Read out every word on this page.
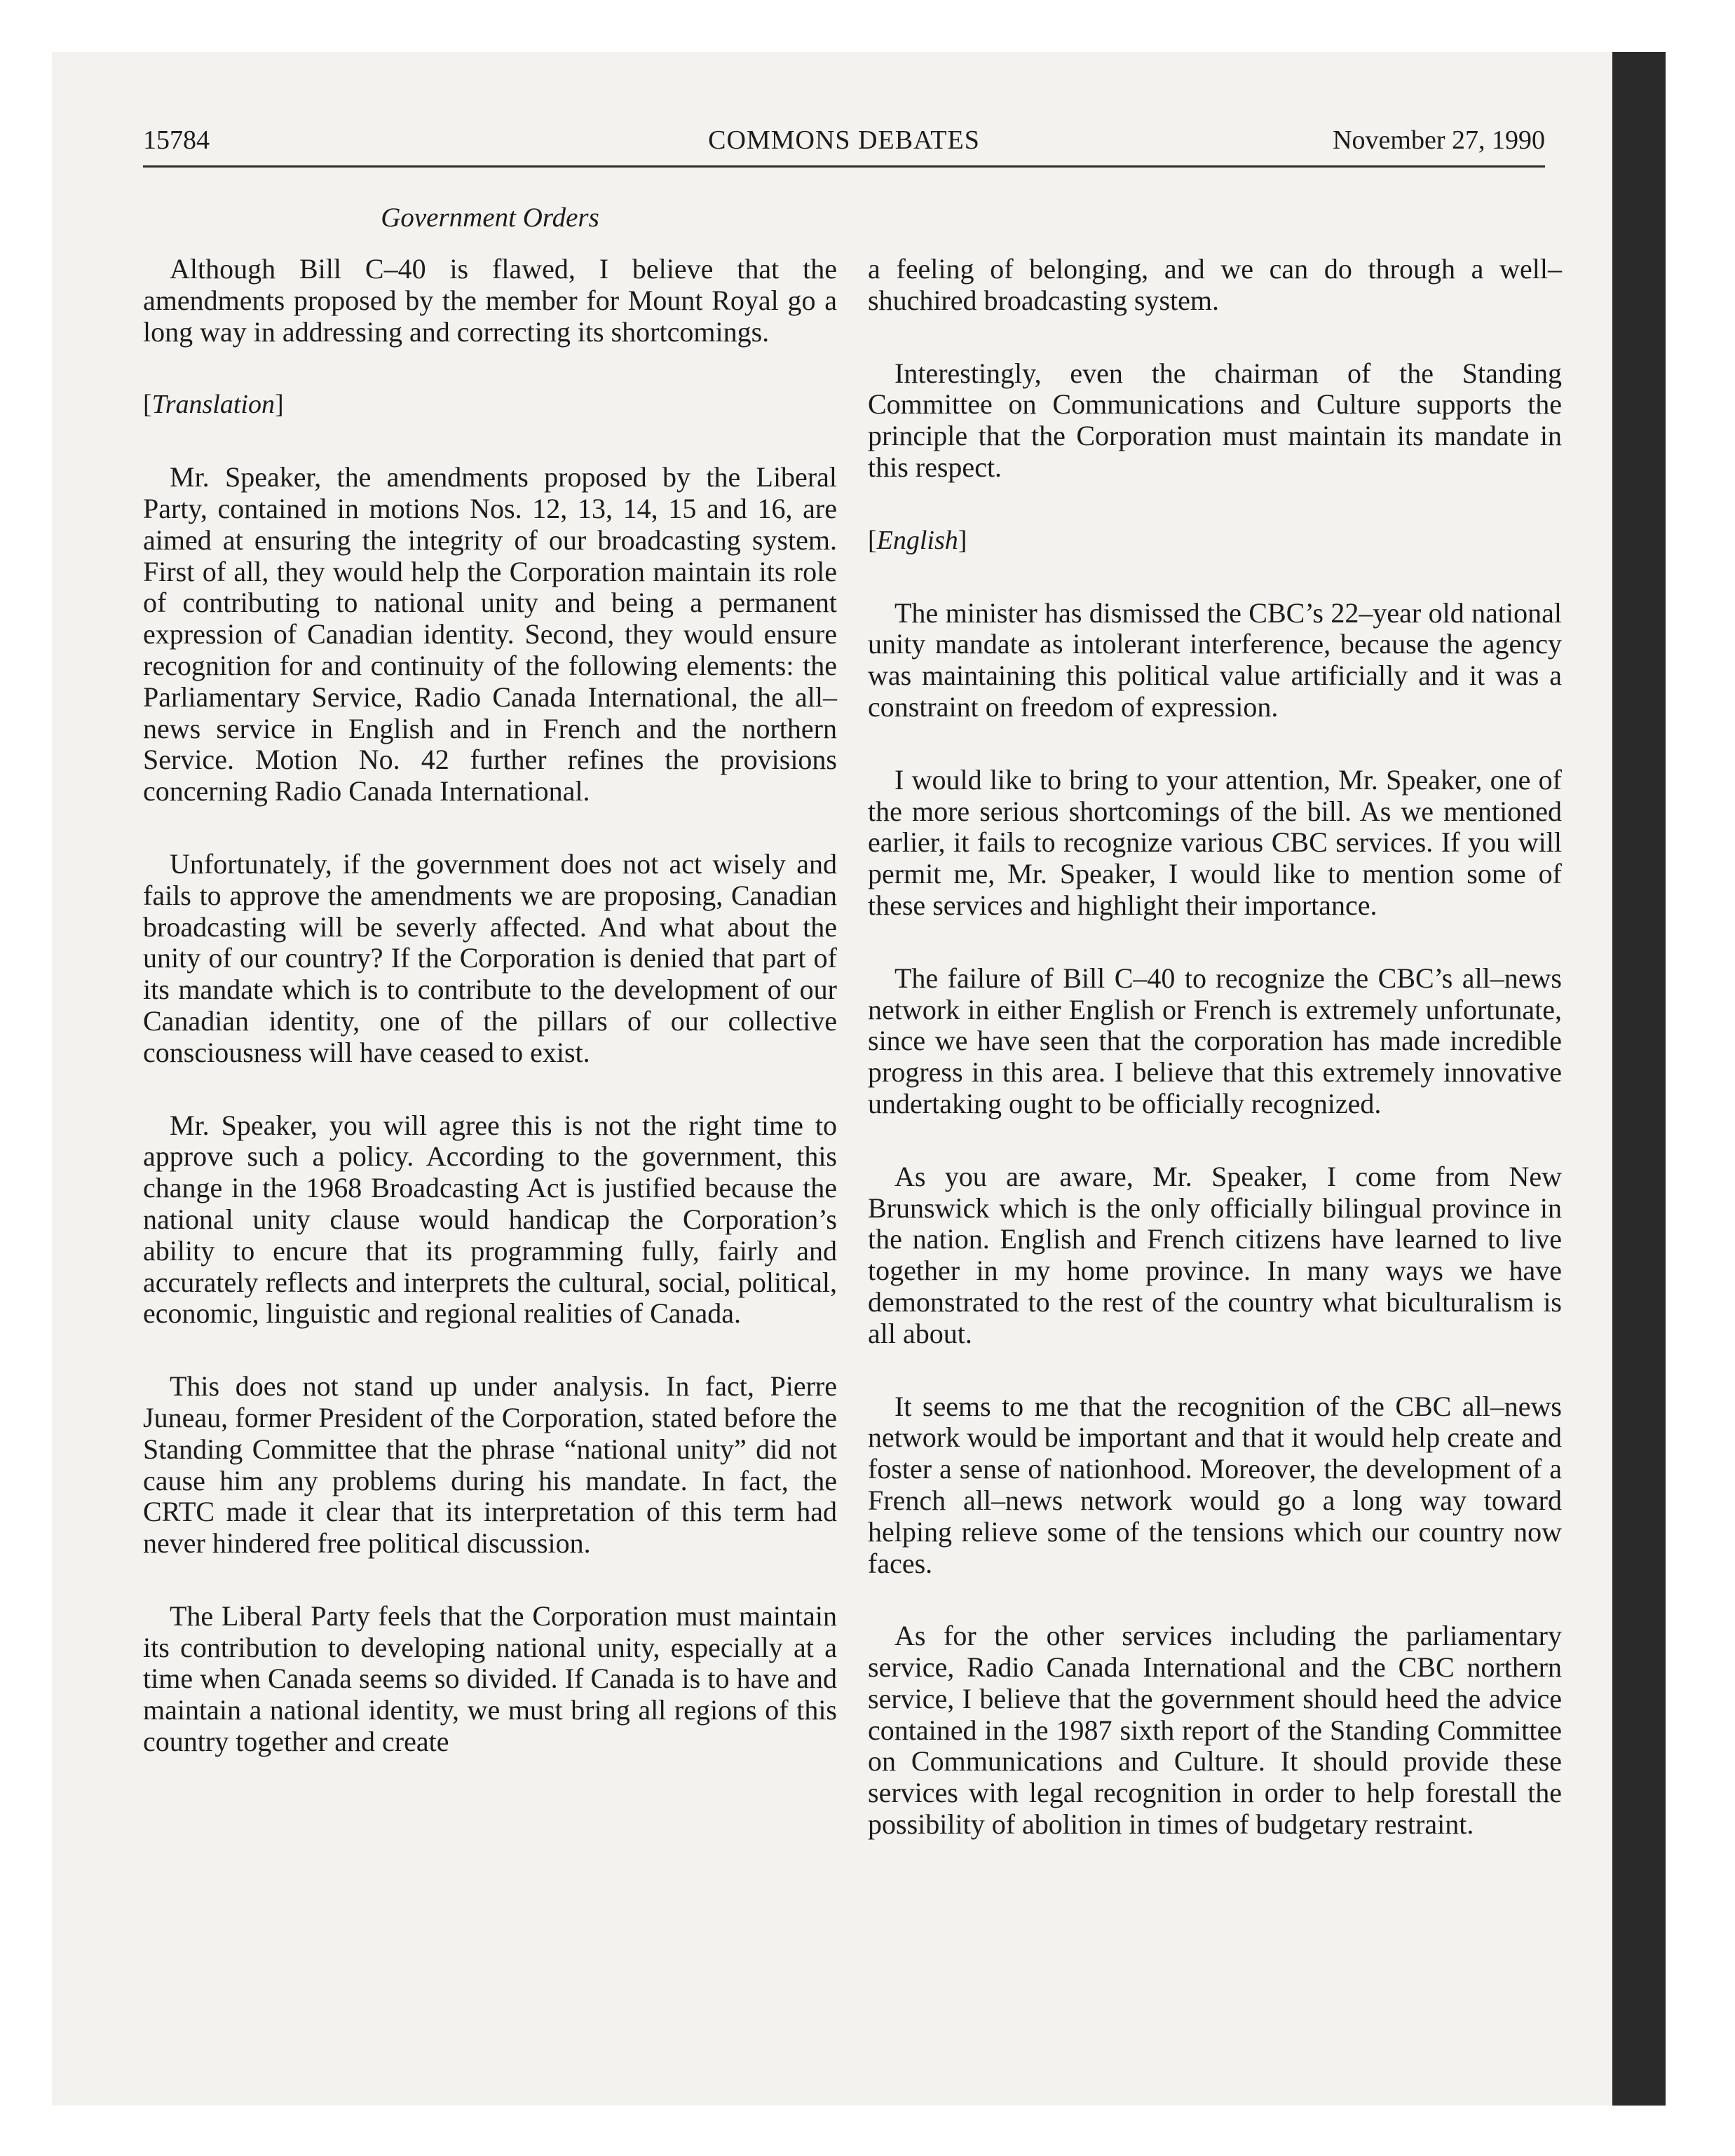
15784	COMMONS DEBATES	November 27, 1990
Government Orders

Although Bill C–40 is flawed, I believe that the amendments proposed by the member for Mount Royal go a long way in addressing and correcting its shortcomings.

[Translation]

Mr. Speaker, the amendments proposed by the Liberal Party, contained in motions Nos. 12, 13, 14, 15 and 16, are aimed at ensuring the integrity of our broadcasting system. First of all, they would help the Corporation maintain its role of contributing to national unity and being a permanent expression of Canadian identity. Second, they would ensure recognition for and continuity of the following elements: the Parliamentary Service, Radio Canada International, the all–news service in English and in French and the northern Service. Motion No. 42 further refines the provisions concerning Radio Canada International.

Unfortunately, if the government does not act wisely and fails to approve the amendments we are proposing, Canadian broadcasting will be severly affected. And what about the unity of our country? If the Corporation is denied that part of its mandate which is to contribute to the development of our Canadian identity, one of the pillars of our collective consciousness will have ceased to exist.

Mr. Speaker, you will agree this is not the right time to approve such a policy. According to the government, this change in the 1968 Broadcasting Act is justified because the national unity clause would handicap the Corporation’s ability to encure that its programming fully, fairly and accurately reflects and interprets the cultural, social, political, economic, linguistic and regional realities of Canada.

This does not stand up under analysis. In fact, Pierre Juneau, former President of the Corporation, stated before the Standing Committee that the phrase “national unity” did not cause him any problems during his mandate. In fact, the CRTC made it clear that its interpretation of this term had never hindered free political discussion.

The Liberal Party feels that the Corporation must maintain its contribution to developing national unity, especially at a time when Canada seems so divided. If Canada is to have and maintain a national identity, we must bring all regions of this country together and create

a feeling of belonging, and we can do through a well–shuchired broadcasting system.

Interestingly, even the chairman of the Standing Committee on Communications and Culture supports the principle that the Corporation must maintain its mandate in this respect.

[English]

The minister has dismissed the CBC’s 22–year old national unity mandate as intolerant interference, because the agency was maintaining this political value artificially and it was a constraint on freedom of expression.

I would like to bring to your attention, Mr. Speaker, one of the more serious shortcomings of the bill. As we mentioned earlier, it fails to recognize various CBC services. If you will permit me, Mr. Speaker, I would like to mention some of these services and highlight their importance.

The failure of Bill C–40 to recognize the CBC’s all–news network in either English or French is extremely unfortunate, since we have seen that the corporation has made incredible progress in this area. I believe that this extremely innovative undertaking ought to be officially recognized.

As you are aware, Mr. Speaker, I come from New Brunswick which is the only officially bilingual province in the nation. English and French citizens have learned to live together in my home province. In many ways we have demonstrated to the rest of the country what biculturalism is all about.

It seems to me that the recognition of the CBC all–news network would be important and that it would help create and foster a sense of nationhood. Moreover, the development of a French all–news network would go a long way toward helping relieve some of the tensions which our country now faces.

As for the other services including the parliamentary service, Radio Canada International and the CBC northern service, I believe that the government should heed the advice contained in the 1987 sixth report of the Standing Committee on Communications and Culture. It should provide these services with legal recognition in order to help forestall the possibility of abolition in times of budgetary restraint.
